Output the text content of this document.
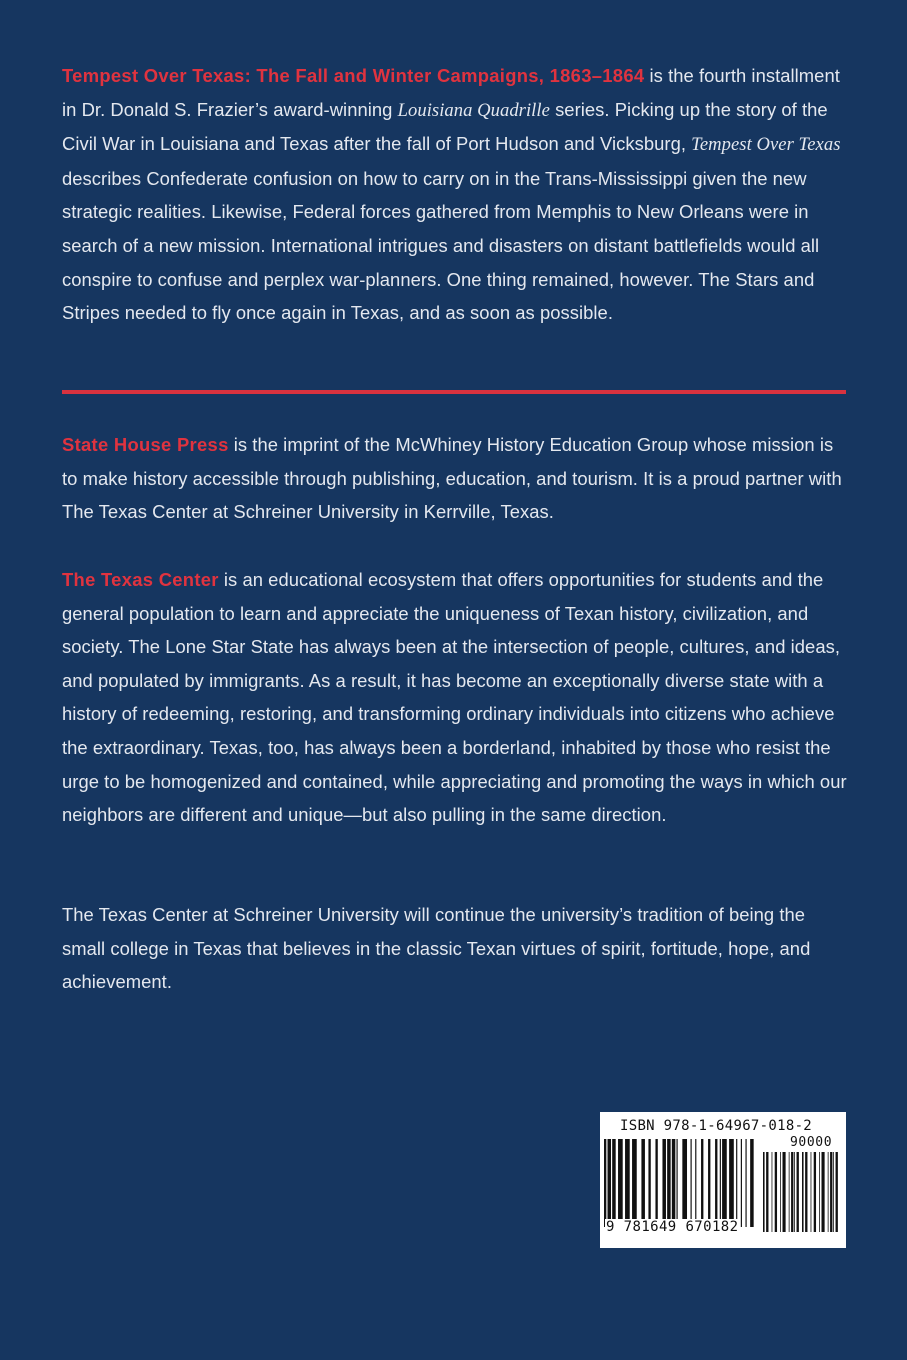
Tempest Over Texas: The Fall and Winter Campaigns, 1863–1864 is the fourth installment in Dr. Donald S. Frazier’s award-winning Louisiana Quadrille series. Picking up the story of the Civil War in Louisiana and Texas after the fall of Port Hudson and Vicksburg, Tempest Over Texas describes Confederate confusion on how to carry on in the Trans-Mississippi given the new strategic realities. Likewise, Federal forces gathered from Memphis to New Orleans were in search of a new mission. International intrigues and disasters on distant battlefields would all conspire to confuse and perplex war-planners. One thing remained, however. The Stars and Stripes needed to fly once again in Texas, and as soon as possible.

State House Press is the imprint of the McWhiney History Education Group whose mission is to make history accessible through publishing, education, and tourism. It is a proud partner with The Texas Center at Schreiner University in Kerrville, Texas.

The Texas Center is an educational ecosystem that offers opportunities for students and the general population to learn and appreciate the uniqueness of Texan history, civilization, and society. The Lone Star State has always been at the intersection of people, cultures, and ideas, and populated by immigrants. As a result, it has become an exceptionally diverse state with a history of redeeming, restoring, and transforming ordinary individuals into citizens who achieve the extraordinary. Texas, too, has always been a borderland, inhabited by those who resist the urge to be homogenized and contained, while appreciating and promoting the ways in which our neighbors are different and unique—but also pulling in the same direction.

The Texas Center at Schreiner University will continue the university’s tradition of being the small college in Texas that believes in the classic Texan virtues of spirit, fortitude, hope, and achievement.

ISBN 978-1-64967-018-2
90000
9 781649 670182
